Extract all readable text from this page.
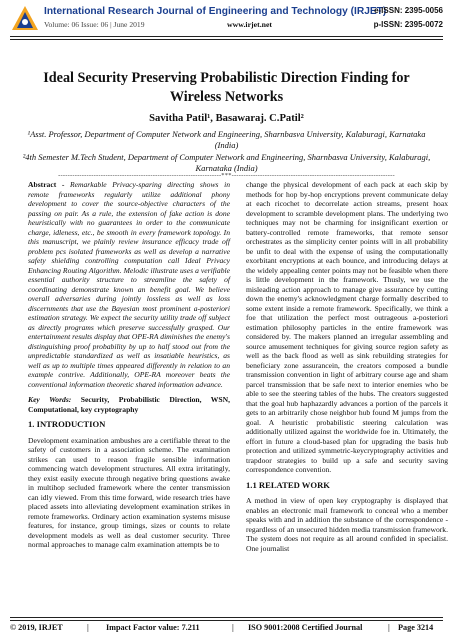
International Research Journal of Engineering and Technology (IRJET)
e-ISSN: 2395-0056
Volume: 06 Issue: 06 | June 2019	www.irjet.net	p-ISSN: 2395-0072
Ideal Security Preserving Probabilistic Direction Finding for Wireless Networks
Savitha Patil¹, Basawaraj. C.Patil²
¹Asst. Professor, Department of Computer Network and Engineering, Sharnbasva University, Kalaburagi, Karnataka (India)
²4th Semester M.Tech Student, Department of Computer Network and Engineering, Sharnbasva University, Kalaburagi, Karnataka (India)
---------------------------------------------------------------------***---------------------------------------------------------------------

Abstract - Remarkable Privacy-sparing directing shows in remote frameworks regularly utilize additional phony development to cover the source-objective characters of the passing on pair. As a rule, the extension of fake action is done heuristically with no guarantees in order to the communicate charge, idleness, etc., be smooth in every framework topology. In this manuscript, we plainly review insurance efficacy trade off problem pcs isolated frameworks as well as develop a narrative safety shielding controlling computation call Ideal Privacy Enhancing Routing Algorithm. Melodic illustrate uses a verifiable essential authority structure to streamline the safety of coordinating demonstrate known an benefit goal. We believe overall adversaries during jointly lossless as well as loss discernments that use the Bayesian most prominent a-posteriori estimation strategy. We expect the security utility trade off subject as directly programs which preserve successfully grasped. Our entertainment results display that OPE-RA diminishes the enemy's distinguishing proof probability by up to half stood out from the unpredictable standardized as well as insatiable heuristics, as well as up to multiple times appeared differently in relation to an example contrive. Additionally, OPE-RA moreover beats the conventional information theoretic shared information advance.

Key Words: Security, Probabilistic Direction, WSN, Computational, key cryptography

1. INTRODUCTION

Development examination ambushes are a certifiable threat to the safety of customers in a association scheme. The examination strikes can used to reason fragile sensible information commencing watch development structures. All extra irritatingly, they exist easily execute through negative bring questions awake in multihop secluded framework where the center transmission can idly viewed. From this time forward, wide research tries have placed assets into alleviating development examination strikes in remote frameworks. Ordinary action examination systems misuse features, for instance, group timings, sizes or counts to relate development models as well as deal customer security. Three normal approaches to manage calm examination attempts be to

change the physical development of each pack at each skip by methods for hop by-hop encryptions prevent communicate delay at each ricochet to decorrelate action streams, present hoax development to scramble development plans. The underlying two techniques may not be charming for insignificant exertion or battery-controlled remote frameworks, that remote sensor orchestrates as the simplicity center points will in all probability be unfit to deal with the expense of using the computationally exorbitant encryptions at each bounce, and introducing delays at the widely appealing center points may not be feasible when there is little development in the framework. Thusly, we use the misleading action approach to manage give assurance by cutting down the enemy's acknowledgment charge formally described to some extent inside a remote framework. Specifically, we think a foe that utilization the perfect most outrageous a-posteriori estimation philosophy particles in the entire framework was considered by. The makers planned an irregular assembling and source amusement techniques for giving source region safety as well as the back flood as well as sink rebuilding strategies for beneficiary zone assurancein, the creators composed a bundle transmission convention in light of arbitrary course age and sham parcel transmission that be safe next to interior enemies who be able to see the steering tables of the hubs. The creators suggested that the goal hub haphazardly advances a portion of the parcels it gets to an arbitrarily chose neighbor hub found M jumps from the goal. A heuristic probabilistic steering calculation was additionally utilized against the worldwide foe in. Ultimately, the effort in future a cloud-based plan for upgrading the basis hub protection and utilized symmetric-keycryptography activities and trapdoor strategies to build up a safe and security saving correspondence convention.

1.1 RELATED WORK

A method in view of open key cryptography is displayed that enables an electronic mail framework to conceal who a member speaks with and in addition the substance of the correspondence - regardless of an unsecured hidden media transmission framework. The system does not require as all around confided in specialist. One journalist

© 2019, IRJET	| Impact Factor value: 7.211	| ISO 9001:2008 Certified Journal	| Page 3214
